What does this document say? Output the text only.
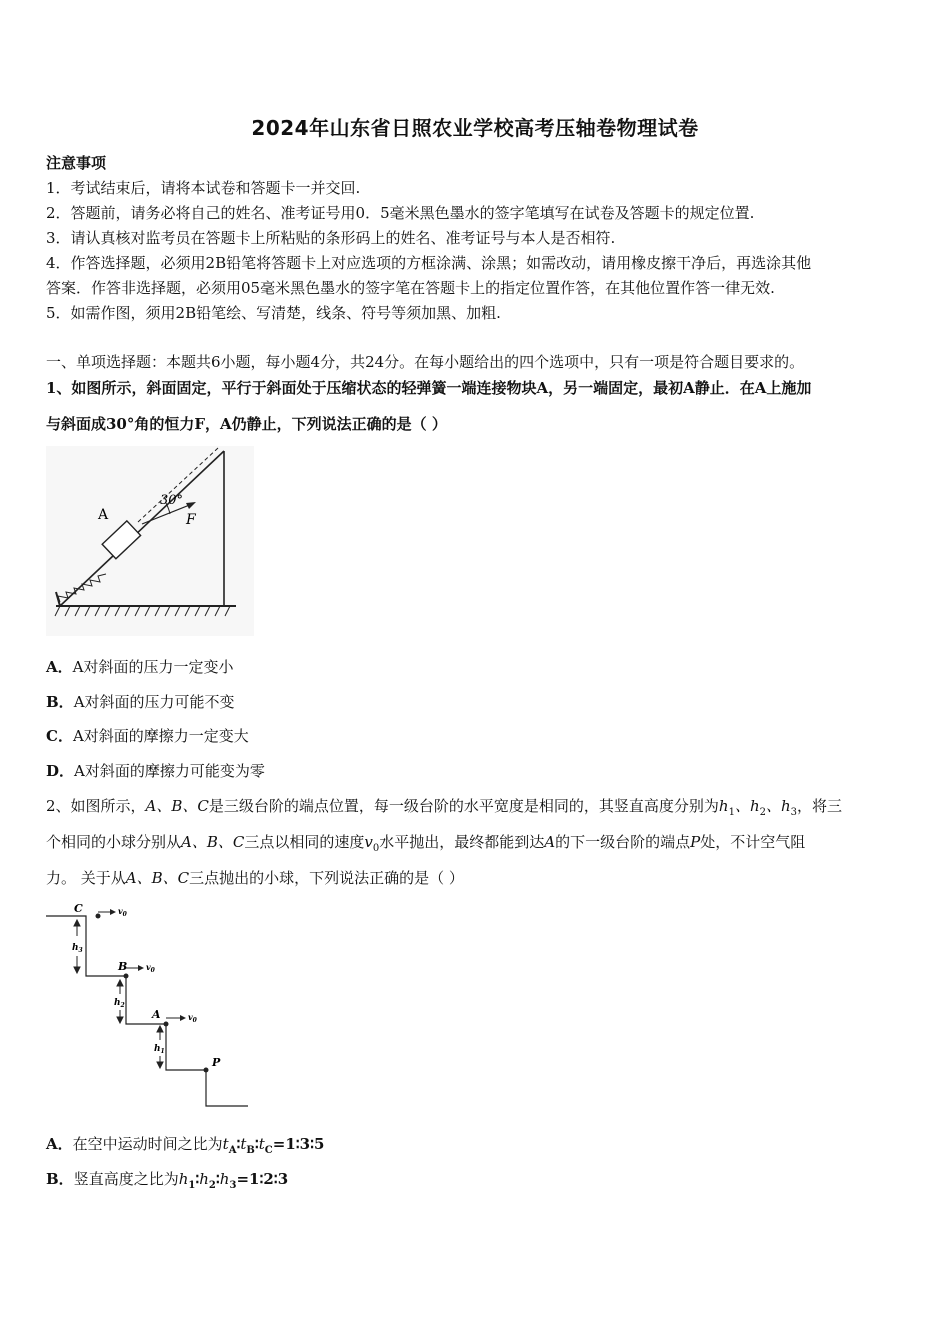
2024年山东省日照农业学校高考压轴卷物理试卷
注意事项
1．考试结束后，请将本试卷和答题卡一并交回.
2．答题前，请务必将自己的姓名、准考证号用0．5毫米黑色墨水的签字笔填写在试卷及答题卡的规定位置.
3．请认真核对监考员在答题卡上所粘贴的条形码上的姓名、准考证号与本人是否相符.
4．作答选择题，必须用2B铅笔将答题卡上对应选项的方框涂满、涂黑；如需改动，请用橡皮擦干净后，再选涂其他
答案．作答非选择题，必须用05毫米黑色墨水的签字笔在答题卡上的指定位置作答，在其他位置作答一律无效.
5．如需作图，须用2B铅笔绘、写清楚，线条、符号等须加黑、加粗.
一、单项选择题：本题共6小题，每小题4分，共24分。在每小题给出的四个选项中，只有一项是符合题目要求的。
1、如图所示，斜面固定，平行于斜面处于压缩状态的轻弹簧一端连接物块A，另一端固定，最初A静止．在A上施加
与斜面成30°角的恒力F，A仍静止，下列说法正确的是（ ）
A
30°
F
A．A对斜面的压力一定变小
B．A对斜面的压力可能不变
C．A对斜面的摩擦力一定变大
D．A对斜面的摩擦力可能变为零
2、如图所示，A、B、C是三级台阶的端点位置，每一级台阶的水平宽度是相同的，其竖直高度分别为$h_1$、$h_2$、$h_3$，将三
个相同的小球分别从A、B、C三点以相同的速度$v_0$水平抛出，最终都能到达A的下一级台阶的端点P处，不计空气阻
力。 关于从A、B、C三点抛出的小球，下列说法正确的是（ ）
C
B
A
P
$v_0$
$v_0$
$v_0$
$h_3$
$h_2$
$h_1$
A．在空中运动时间之比为$t_A∶t_B∶t_C=1∶3∶5$
B．竖直高度之比为$h_1∶h_2∶h_3=1∶2∶3$
